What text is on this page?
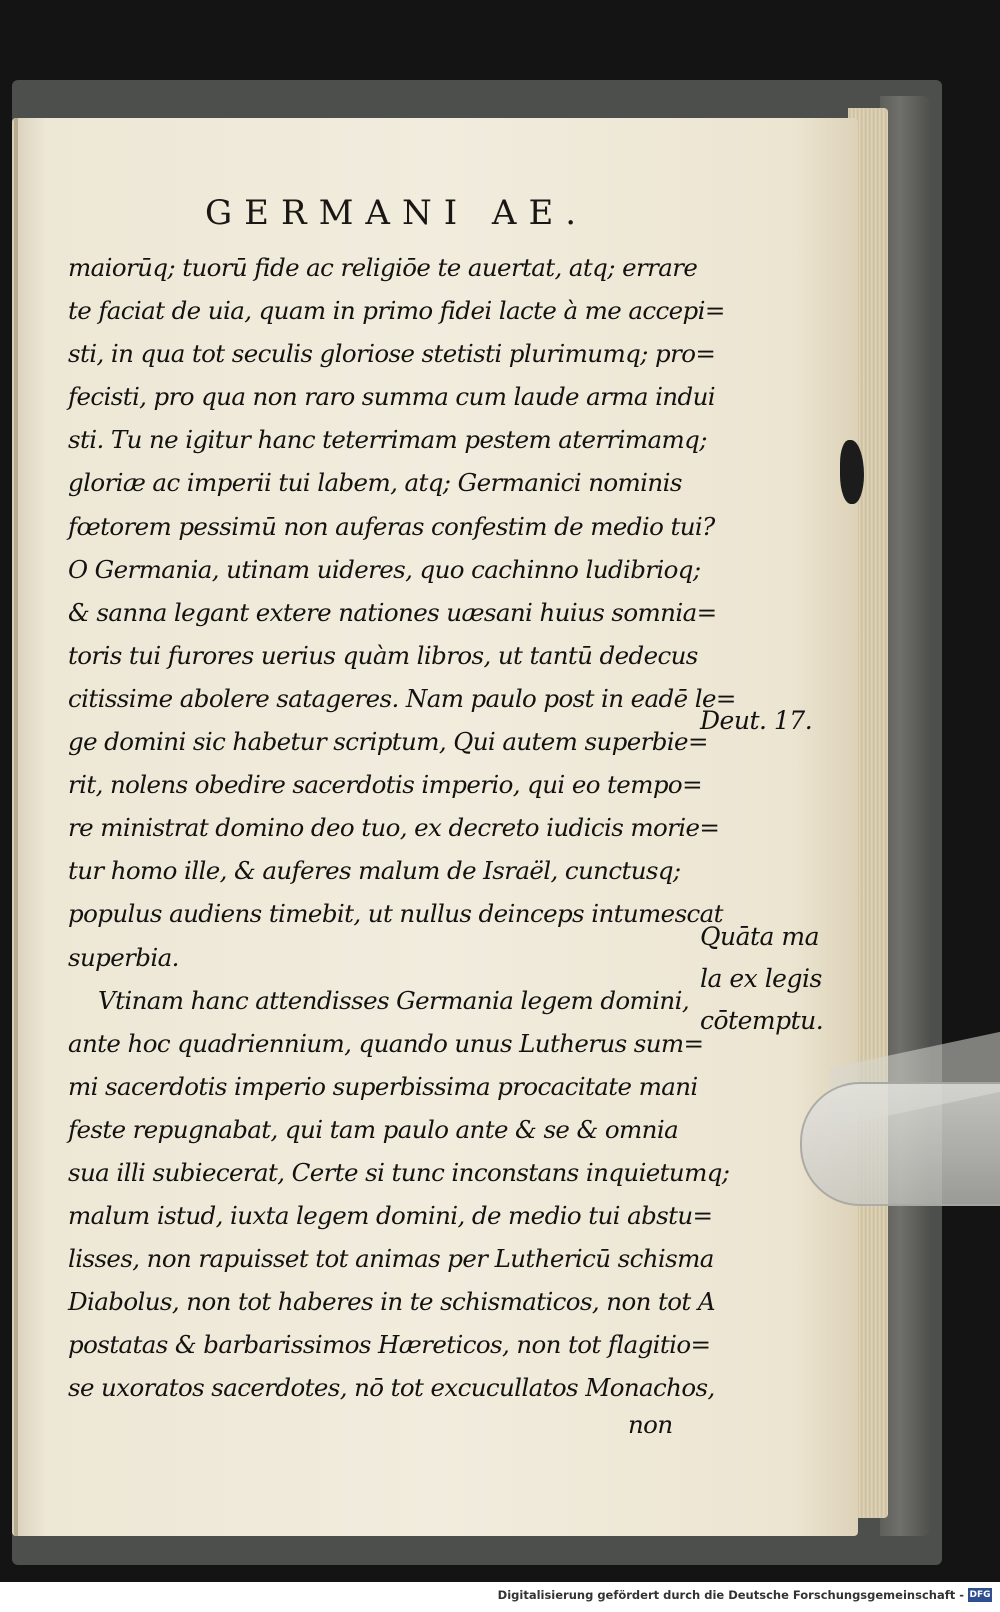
GERMANI AE.
maiorūq; tuorū fide ac religiōe te auertat, atq; errare
te faciat de uia, quam in primo fidei lacte à me accepi=
sti, in qua tot seculis gloriose stetisti plurimumq; pro=
fecisti, pro qua non raro summa cum laude arma indui
sti. Tu ne igitur hanc teterrimam pestem aterrimamq;
gloriæ ac imperii tui labem, atq; Germanici nominis
fœtorem pessimū non auferas confestim de medio tui?
O Germania, utinam uideres, quo cachinno ludibrioq;
& sanna legant extere nationes uæsani huius somnia=
toris tui furores uerius quàm libros, ut tantū dedecus
citissime abolere satageres. Nam paulo post in eadē le=
ge domini sic habetur scriptum, Qui autem superbie=
rit, nolens obedire sacerdotis imperio, qui eo tempo=
re ministrat domino deo tuo, ex decreto iudicis morie=
tur homo ille, & auferes malum de Israël, cunctusq;
populus audiens timebit, ut nullus deinceps intumescat
superbia.
Vtinam hanc attendisses Germania legem domini,
ante hoc quadriennium, quando unus Lutherus sum=
mi sacerdotis imperio superbissima procacitate mani
feste repugnabat, qui tam paulo ante & se & omnia
sua illi subiecerat, Certe si tunc inconstans inquietumq;
malum istud, iuxta legem domini, de medio tui abstu=
lisses, non rapuisset tot animas per Luthericū schisma
Diabolus, non tot haberes in te schismaticos, non tot A
postatas & barbarissimos Hæreticos, non tot flagitio=
se uxoratos sacerdotes, nō tot excucullatos Monachos,
non
Deut. 17.
Quāta ma
la ex legis
cōtemptu.
Digitalisierung gefördert durch die Deutsche Forschungsgemeinschaft - DFG
